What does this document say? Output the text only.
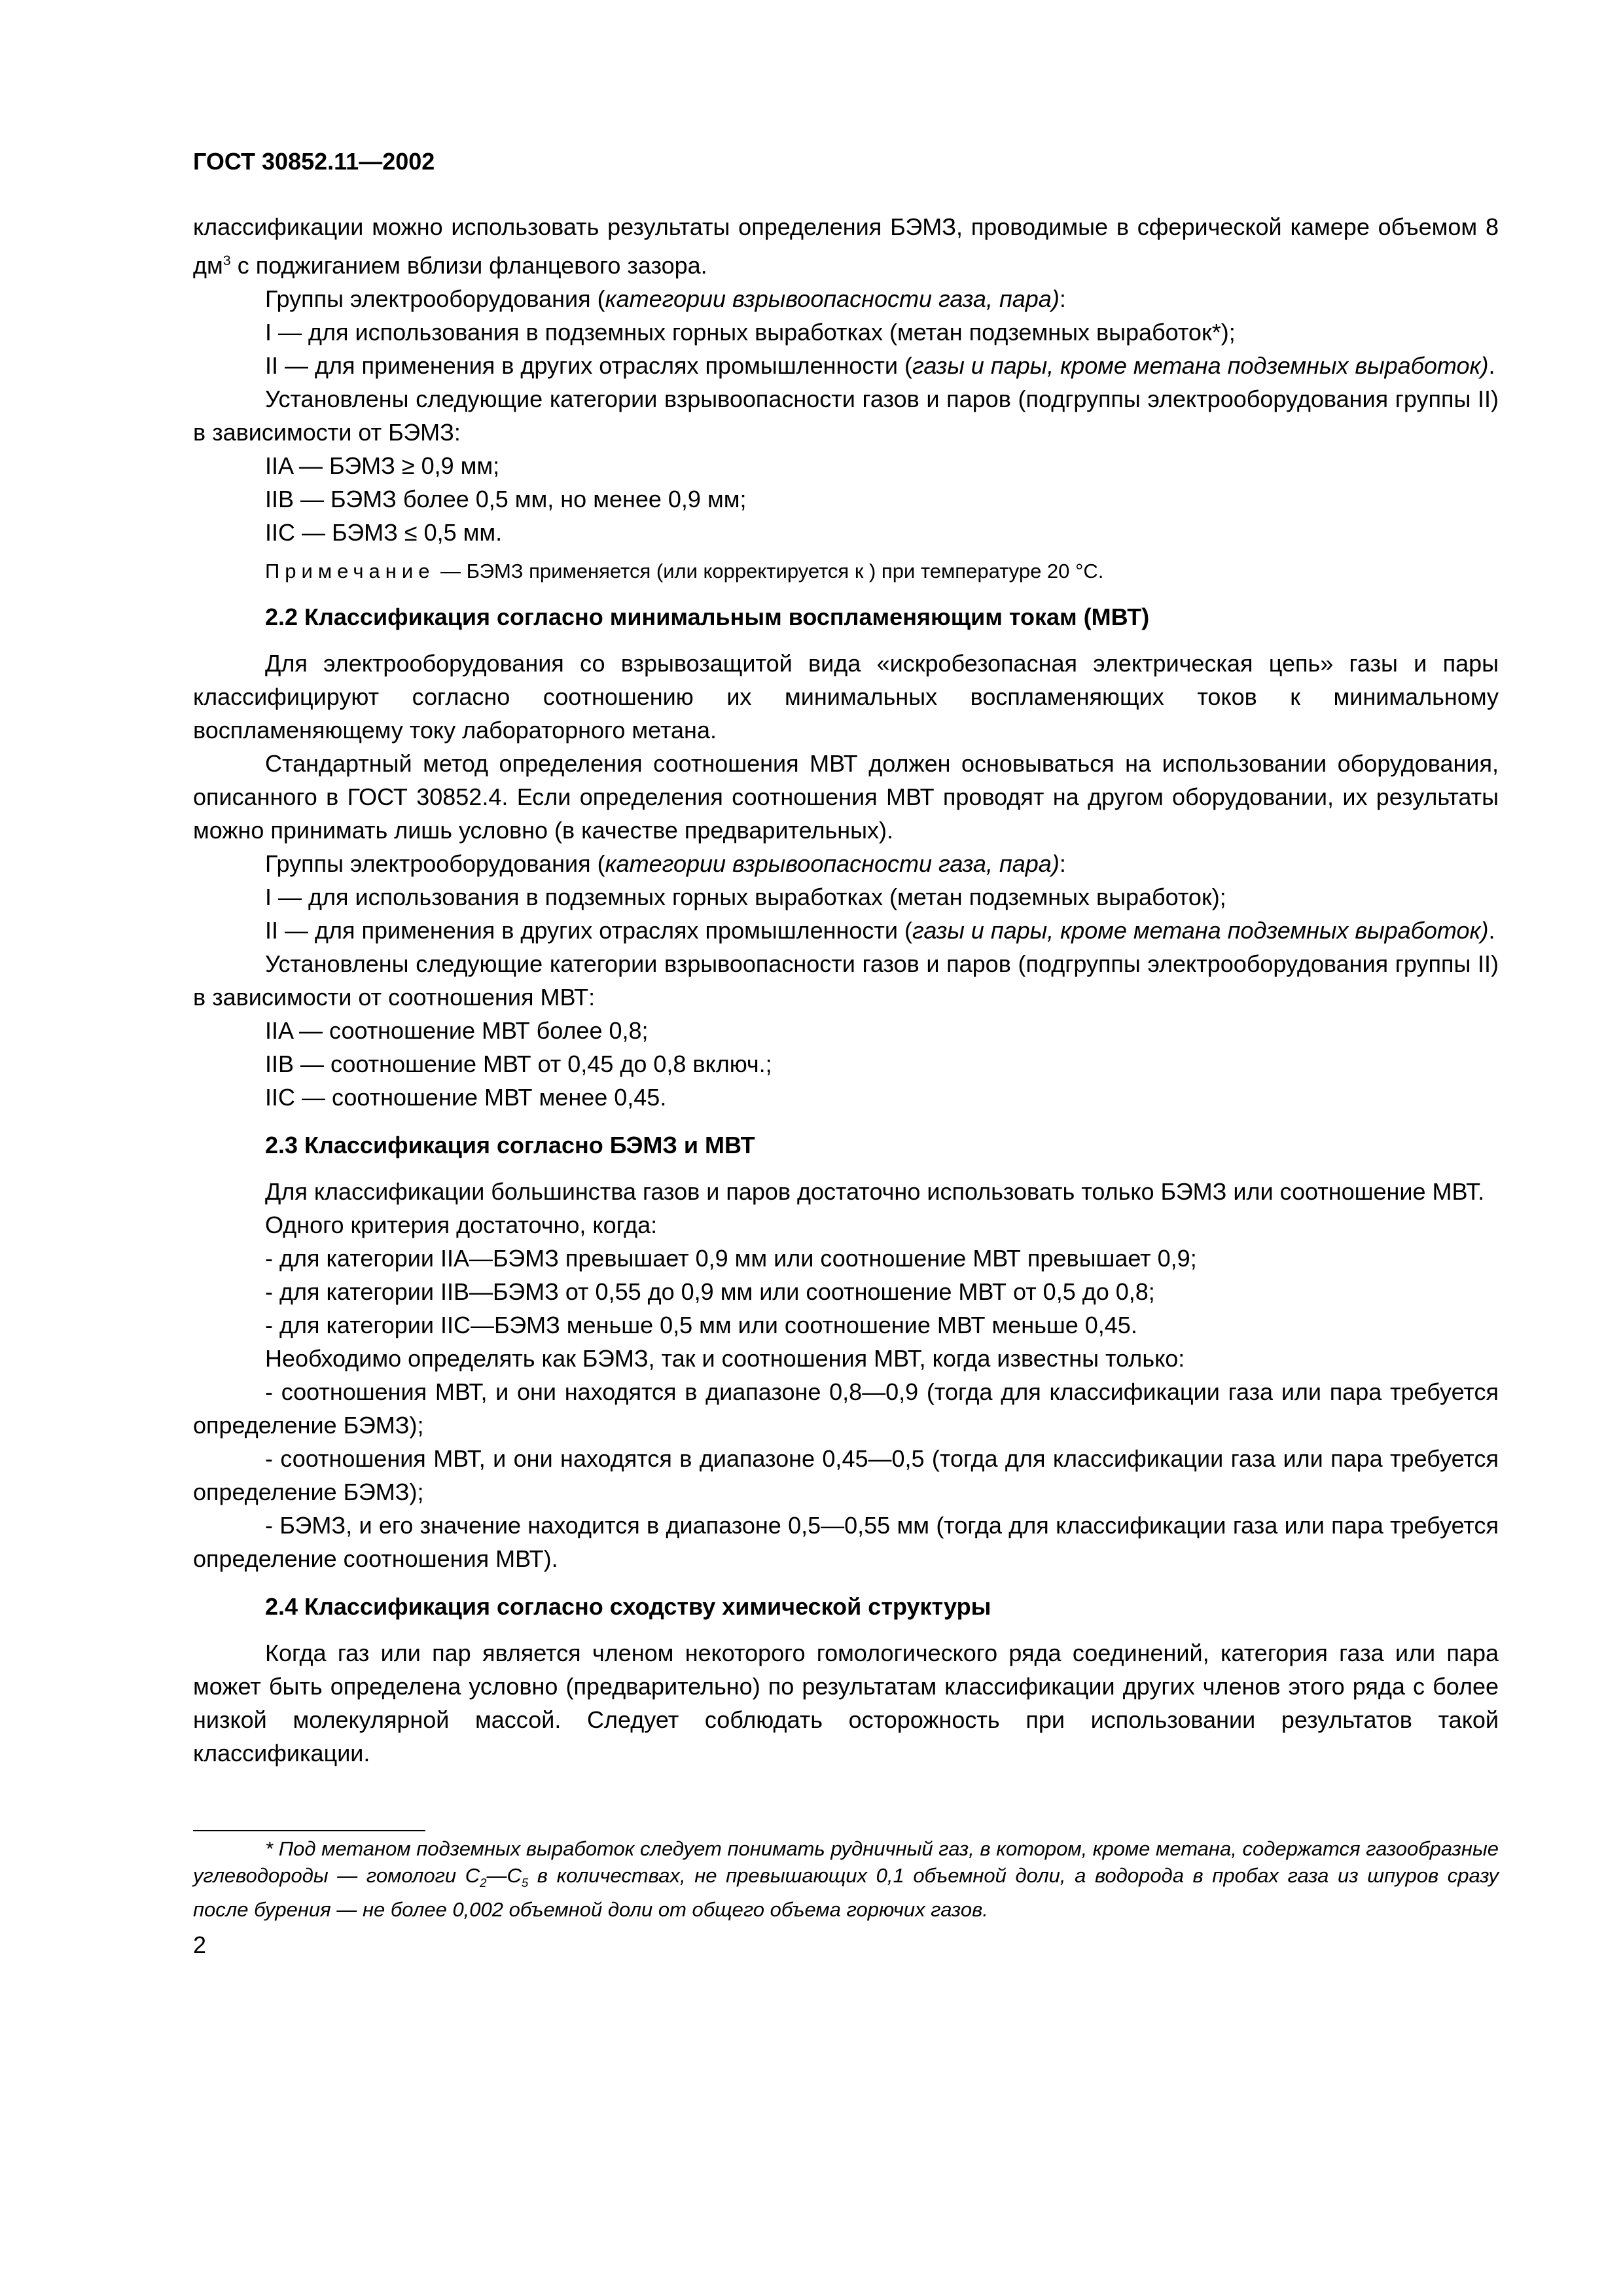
ГОСТ 30852.11—2002

классификации можно использовать результаты определения БЭМЗ, проводимые в сферической камере объемом 8 $дм^3$ с поджиганием вблизи фланцевого зазора.

Группы электрооборудования (категории взрывоопасности газа, пара):

I — для использования в подземных горных выработках (метан подземных выработок*);

II — для применения в других отраслях промышленности (газы и пары, кроме метана подземных выработок).

Установлены следующие категории взрывоопасности газов и паров (подгруппы электрооборудования группы II) в зависимости от БЭМЗ:

IIA — БЭМЗ ≥ 0,9 мм;

IIB — БЭМЗ более 0,5 мм, но менее 0,9 мм;

IIC — БЭМЗ ≤ 0,5 мм.

Примечание — БЭМЗ применяется (или корректируется к ) при температуре 20 °С.

2.2 Классификация согласно минимальным воспламеняющим токам (МВТ)

Для электрооборудования со взрывозащитой вида «искробезопасная электрическая цепь» газы и пары классифицируют согласно соотношению их минимальных воспламеняющих токов к минимальному воспламеняющему току лабораторного метана.

Стандартный метод определения соотношения МВТ должен основываться на использовании оборудования, описанного в ГОСТ 30852.4. Если определения соотношения МВТ проводят на другом оборудовании, их результаты можно принимать лишь условно (в качестве предварительных).

Группы электрооборудования (категории взрывоопасности газа, пара):

I — для использования в подземных горных выработках (метан подземных выработок);

II — для применения в других отраслях промышленности (газы и пары, кроме метана подземных выработок).

Установлены следующие категории взрывоопасности газов и паров (подгруппы электрооборудования группы II) в зависимости от соотношения МВТ:

IIA — соотношение МВТ более 0,8;

IIB — соотношение МВТ от 0,45 до 0,8 включ.;

IIC — соотношение МВТ менее 0,45.

2.3 Классификация согласно БЭМЗ и МВТ

Для классификации большинства газов и паров достаточно использовать только БЭМЗ или соотношение МВТ.

Одного критерия достаточно, когда:

- для категории IIA—БЭМЗ превышает 0,9 мм или соотношение МВТ превышает 0,9;

- для категории IIB—БЭМЗ от 0,55 до 0,9 мм или соотношение МВТ от 0,5 до 0,8;

- для категории IIC—БЭМЗ меньше 0,5 мм или соотношение МВТ меньше 0,45.

Необходимо определять как БЭМЗ, так и соотношения МВТ, когда известны только:

- соотношения МВТ, и они находятся в диапазоне 0,8—0,9 (тогда для классификации газа или пара требуется определение БЭМЗ);

- соотношения МВТ, и они находятся в диапазоне 0,45—0,5 (тогда для классификации газа или пара требуется определение БЭМЗ);

- БЭМЗ, и его значение находится в диапазоне 0,5—0,55 мм (тогда для классификации газа или пара требуется определение соотношения МВТ).

2.4 Классификация согласно сходству химической структуры

Когда газ или пар является членом некоторого гомологического ряда соединений, категория газа или пара может быть определена условно (предварительно) по результатам классификации других членов этого ряда с более низкой молекулярной массой. Следует соблюдать осторожность при использовании результатов такой классификации.

* Под метаном подземных выработок следует понимать рудничный газ, в котором, кроме метана, содержатся газообразные углеводороды — гомологи $С_2—С_5$ в количествах, не превышающих 0,1 объемной доли, а водорода в пробах газа из шпуров сразу после бурения — не более 0,002 объемной доли от общего объема горючих газов.

2
